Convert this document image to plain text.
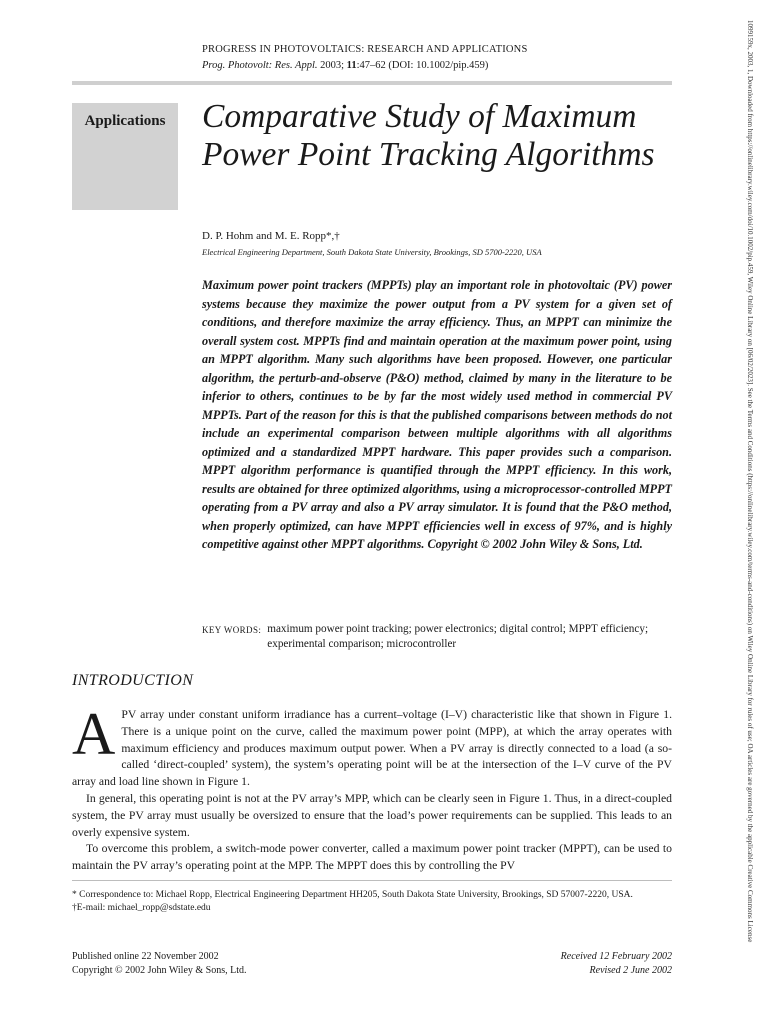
PROGRESS IN PHOTOVOLTAICS: RESEARCH AND APPLICATIONS
Prog. Photovolt: Res. Appl. 2003; 11:47–62 (DOI: 10.1002/pip.459)
Applications	Comparative Study of Maximum Power Point Tracking Algorithms
D. P. Hohm and M. E. Ropp*,†
Electrical Engineering Department, South Dakota State University, Brookings, SD 5700-2220, USA
Maximum power point trackers (MPPTs) play an important role in photovoltaic (PV) power systems because they maximize the power output from a PV system for a given set of conditions, and therefore maximize the array efficiency. Thus, an MPPT can minimize the overall system cost. MPPTs find and maintain operation at the maximum power point, using an MPPT algorithm. Many such algorithms have been proposed. However, one particular algorithm, the perturb-and-observe (P&O) method, claimed by many in the literature to be inferior to others, continues to be by far the most widely used method in commercial PV MPPTs. Part of the reason for this is that the published comparisons between methods do not include an experimental comparison between multiple algorithms with all algorithms optimized and a standardized MPPT hardware. This paper provides such a comparison. MPPT algorithm performance is quantified through the MPPT efficiency. In this work, results are obtained for three optimized algorithms, using a microprocessor-controlled MPPT operating from a PV array and also a PV array simulator. It is found that the P&O method, when properly optimized, can have MPPT efficiencies well in excess of 97%, and is highly competitive against other MPPT algorithms. Copyright © 2002 John Wiley & Sons, Ltd.
KEY WORDS: maximum power point tracking; power electronics; digital control; MPPT efficiency; experimental comparison; microcontroller
INTRODUCTION

APV array under constant uniform irradiance has a current–voltage (I–V) characteristic like that shown in Figure 1. There is a unique point on the curve, called the maximum power point (MPP), at which the array operates with maximum efficiency and produces maximum output power. When a PV array is directly connected to a load (a so-called ‘direct-coupled’ system), the system’s operating point will be at the intersection of the I–V curve of the PV array and load line shown in Figure 1.

In general, this operating point is not at the PV array’s MPP, which can be clearly seen in Figure 1. Thus, in a direct-coupled system, the PV array must usually be oversized to ensure that the load’s power requirements can be supplied. This leads to an overly expensive system.

To overcome this problem, a switch-mode power converter, called a maximum power point tracker (MPPT), can be used to maintain the PV array’s operating point at the MPP. The MPPT does this by controlling the PV

* Correspondence to: Michael Ropp, Electrical Engineering Department HH205, South Dakota State University, Brookings, SD 57007-2220, USA.

†E-mail: michael_ropp@sdstate.edu

Published online 22 November 2002
Copyright © 2002 John Wiley & Sons, Ltd.
Received 12 February 2002
Revised 2 June 2002
1099159x, 2003, 1, Downloaded from https://onlinelibrary.wiley.com/doi/10.1002/pip.459, Wiley Online Library on [06/02/2023]. See the Terms and Conditions (https://onlinelibrary.wiley.com/terms-and-conditions) on Wiley Online Library for rules of use; OA articles are governed by the applicable Creative Commons License
